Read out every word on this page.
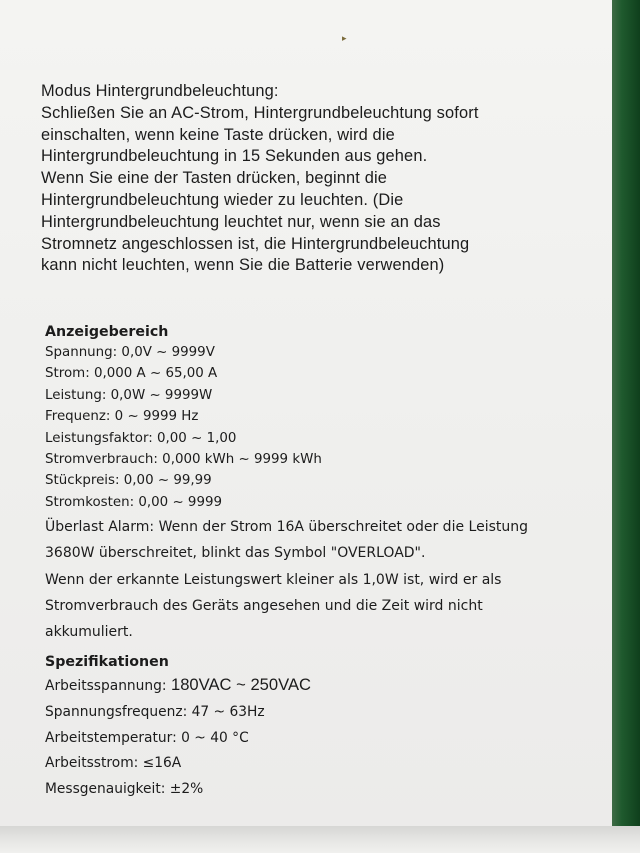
▸
Modus Hintergrundbeleuchtung:
Schließen Sie an AC-Strom, Hintergrundbeleuchtung sofort
einschalten, wenn keine Taste drücken, wird die
Hintergrundbeleuchtung in 15 Sekunden aus gehen.
Wenn Sie eine der Tasten drücken, beginnt die
Hintergrundbeleuchtung wieder zu leuchten. (Die
Hintergrundbeleuchtung leuchtet nur, wenn sie an das
Stromnetz angeschlossen ist, die Hintergrundbeleuchtung
kann nicht leuchten, wenn Sie die Batterie verwenden)
Anzeigebereich
Spannung: 0,0V ~ 9999V
Strom: 0,000 A ~ 65,00 A
Leistung: 0,0W ~ 9999W
Frequenz: 0 ~ 9999 Hz
Leistungsfaktor: 0,00 ~ 1,00
Stromverbrauch: 0,000 kWh ~ 9999 kWh
Stückpreis: 0,00 ~ 99,99
Stromkosten: 0,00 ~ 9999
Überlast Alarm: Wenn der Strom 16A überschreitet oder die Leistung
3680W überschreitet, blinkt das Symbol "OVERLOAD".
Wenn der erkannte Leistungswert kleiner als 1,0W ist, wird er als
Stromverbrauch des Geräts angesehen und die Zeit wird nicht
akkumuliert.
Spezifikationen
Arbeitsspannung: 180VAC ~ 250VAC
Spannungsfrequenz: 47 ~ 63Hz
Arbeitstemperatur: 0 ~ 40 °C
Arbeitsstrom: ≤16A
Messgenauigkeit: ±2%
